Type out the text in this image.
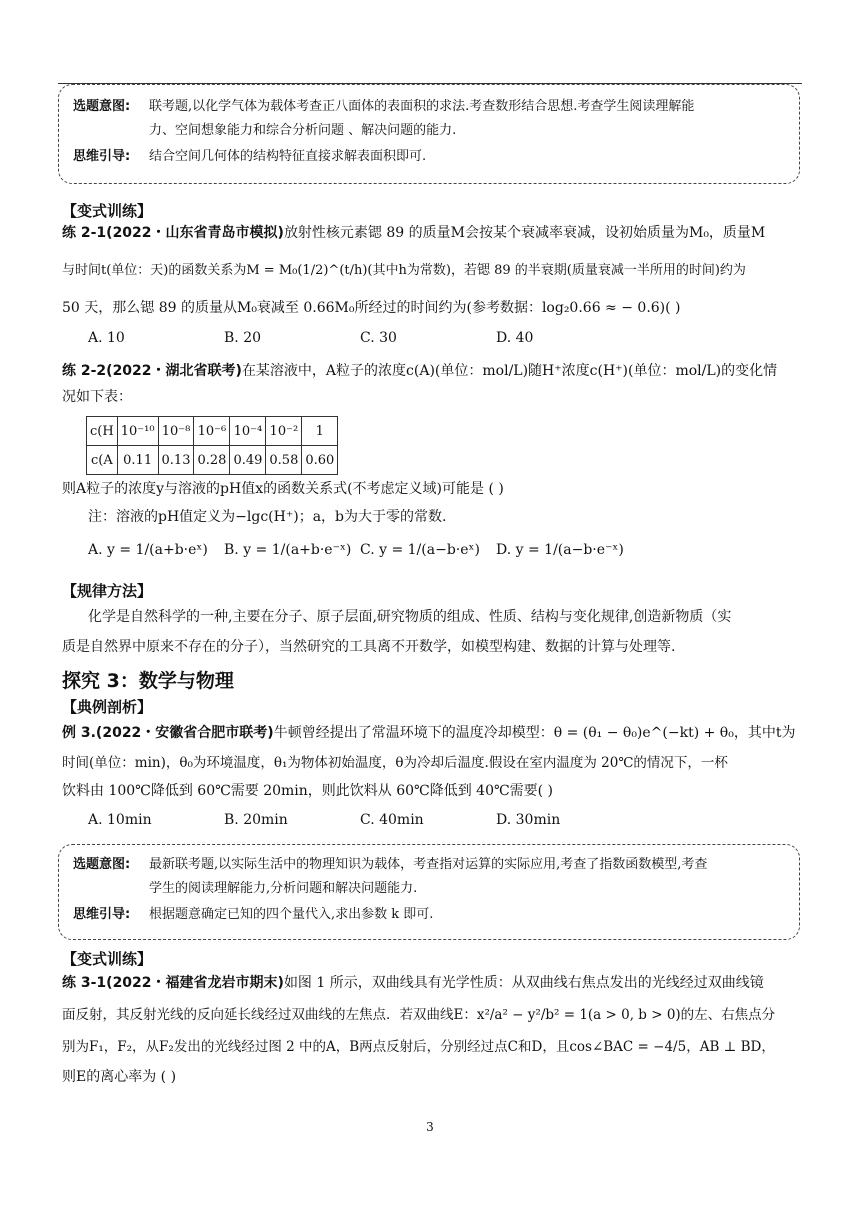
选题意图: 联考题,以化学气体为载体考查正八面体的表面积的求法.考查数形结合思想.考查学生阅读理解能
力、空间想象能力和综合分析问题 、解决问题的能力.
思维引导: 结合空间几何体的结构特征直接求解表面积即可.
【变式训练】
练 2-1(2022・山东省青岛市模拟)放射性核元素锶 89 的质量M会按某个衰减率衰减，设初始质量为M₀，质量M
与时间t(单位：天)的函数关系为M = M₀(1/2)^(t/h)(其中h为常数)，若锶 89 的半衰期(质量衰减一半所用的时间)约为
50 天，那么锶 89 的质量从M₀衰减至 0.66M₀所经过的时间约为(参考数据：log₂0.66 ≈ − 0.6)( )
A. 10	B. 20	C. 30	D. 40
练 2-2(2022・湖北省联考)在某溶液中，A粒子的浓度c(A)(单位：mol/L)随H⁺浓度c(H⁺)(单位：mol/L)的变化情
况如下表：
c(H	10⁻¹⁰	10⁻⁸	10⁻⁶	10⁻⁴	10⁻²	1
c(A	0.11	0.13	0.28	0.49	0.58	0.60
则A粒子的浓度y与溶液的pH值x的函数关系式(不考虑定义域)可能是 ( )
注：溶液的pH值定义为−lgc(H⁺)；a，b为大于零的常数.
A. y = 1/(a+b·eˣ) B. y = 1/(a+b·e⁻ˣ) C. y = 1/(a−b·eˣ) D. y = 1/(a−b·e⁻ˣ)
【规律方法】
化学是自然科学的一种,主要在分子、原子层面,研究物质的组成、性质、结构与变化规律,创造新物质（实
质是自然界中原来不存在的分子），当然研究的工具离不开数学，如模型构建、数据的计算与处理等.
探究 3：数学与物理
【典例剖析】
例 3.(2022・安徽省合肥市联考)牛顿曾经提出了常温环境下的温度冷却模型：θ = (θ₁ − θ₀)e^(−kt) + θ₀，其中t为
时间(单位：min)，θ₀为环境温度，θ₁为物体初始温度，θ为冷却后温度.假设在室内温度为 20℃的情况下，一杯
饮料由 100℃降低到 60℃需要 20min，则此饮料从 60℃降低到 40℃需要( )
A. 10min	B. 20min	C. 40min	D. 30min
选题意图: 最新联考题,以实际生活中的物理知识为载体，考查指对运算的实际应用,考查了指数函数模型,考查
学生的阅读理解能力,分析问题和解决问题能力.
思维引导: 根据题意确定已知的四个量代入,求出参数 k 即可.
【变式训练】
练 3-1(2022・福建省龙岩市期末)如图 1 所示，双曲线具有光学性质：从双曲线右焦点发出的光线经过双曲线镜
面反射，其反射光线的反向延长线经过双曲线的左焦点．若双曲线E：x²/a² − y²/b² = 1(a > 0, b > 0)的左、右焦点分
别为F₁，F₂，从F₂发出的光线经过图 2 中的A，B两点反射后，分别经过点C和D，且cos∠BAC = −4/5，AB ⊥ BD，
则E的离心率为 ( )
3
